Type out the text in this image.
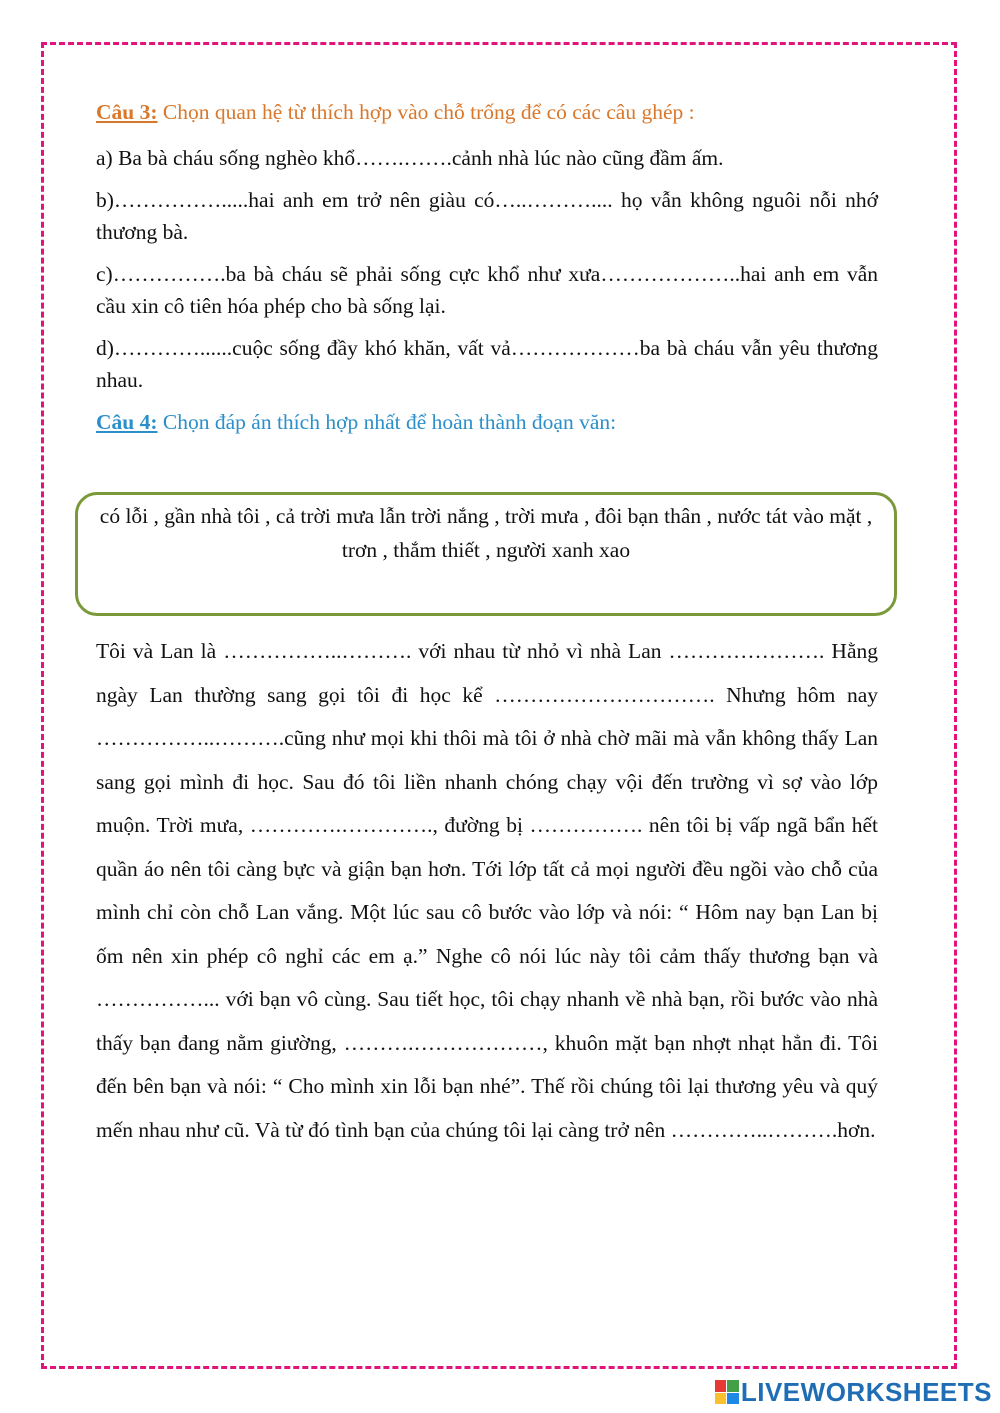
Câu 3: Chọn quan hệ từ thích hợp vào chỗ trống để có các câu ghép :

a) Ba bà cháu sống nghèo khổ…….…….cảnh nhà lúc nào cũng đầm ấm.

b)…………….....hai anh em trở nên giàu có…..……….... họ vẫn không nguôi nỗi nhớ thương bà.

c)…………….ba bà cháu sẽ phải sống cực khổ như xưa………………..hai anh em vẫn cầu xin cô tiên hóa phép cho bà sống lại.

d)…………......cuộc sống đầy khó khăn, vất vả………………ba bà cháu vẫn yêu thương nhau.

Câu 4: Chọn đáp án thích hợp nhất để hoàn thành đoạn văn:

có lỗi , gần nhà tôi , cả trời mưa lẫn trời nắng , trời mưa , đôi bạn thân , nước tát vào mặt , trơn , thắm thiết , người xanh xao
Tôi và Lan là ……………..………. với nhau từ nhỏ vì nhà Lan …………………. Hằng ngày Lan thường sang gọi tôi đi học kể …………………………. Nhưng hôm nay ……………..……….cũng như mọi khi thôi mà tôi ở nhà chờ mãi mà vẫn không thấy Lan sang gọi mình đi học. Sau đó tôi liền nhanh chóng chạy vội đến trường vì sợ vào lớp muộn. Trời mưa, ………….…………., đường bị ……………. nên tôi bị vấp ngã bẩn hết quần áo nên tôi càng bực và giận bạn hơn. Tới lớp tất cả mọi người đều ngồi vào chỗ của mình chỉ còn chỗ Lan vắng. Một lúc sau cô bước vào lớp và nói: “ Hôm nay bạn Lan bị ốm nên xin phép cô nghỉ các em ạ.” Nghe cô nói lúc này tôi cảm thấy thương bạn và ……………... với bạn vô cùng. Sau tiết học, tôi chạy nhanh về nhà bạn, rồi bước vào nhà thấy bạn đang nằm giường, ……….………………, khuôn mặt bạn nhợt nhạt hẳn đi. Tôi đến bên bạn và nói: “ Cho mình xin lỗi bạn nhé”. Thế rồi chúng tôi lại thương yêu và quý mến nhau như cũ. Và từ đó tình bạn của chúng tôi lại càng trở nên …………..……….hơn.
LIVEWORKSHEETS
